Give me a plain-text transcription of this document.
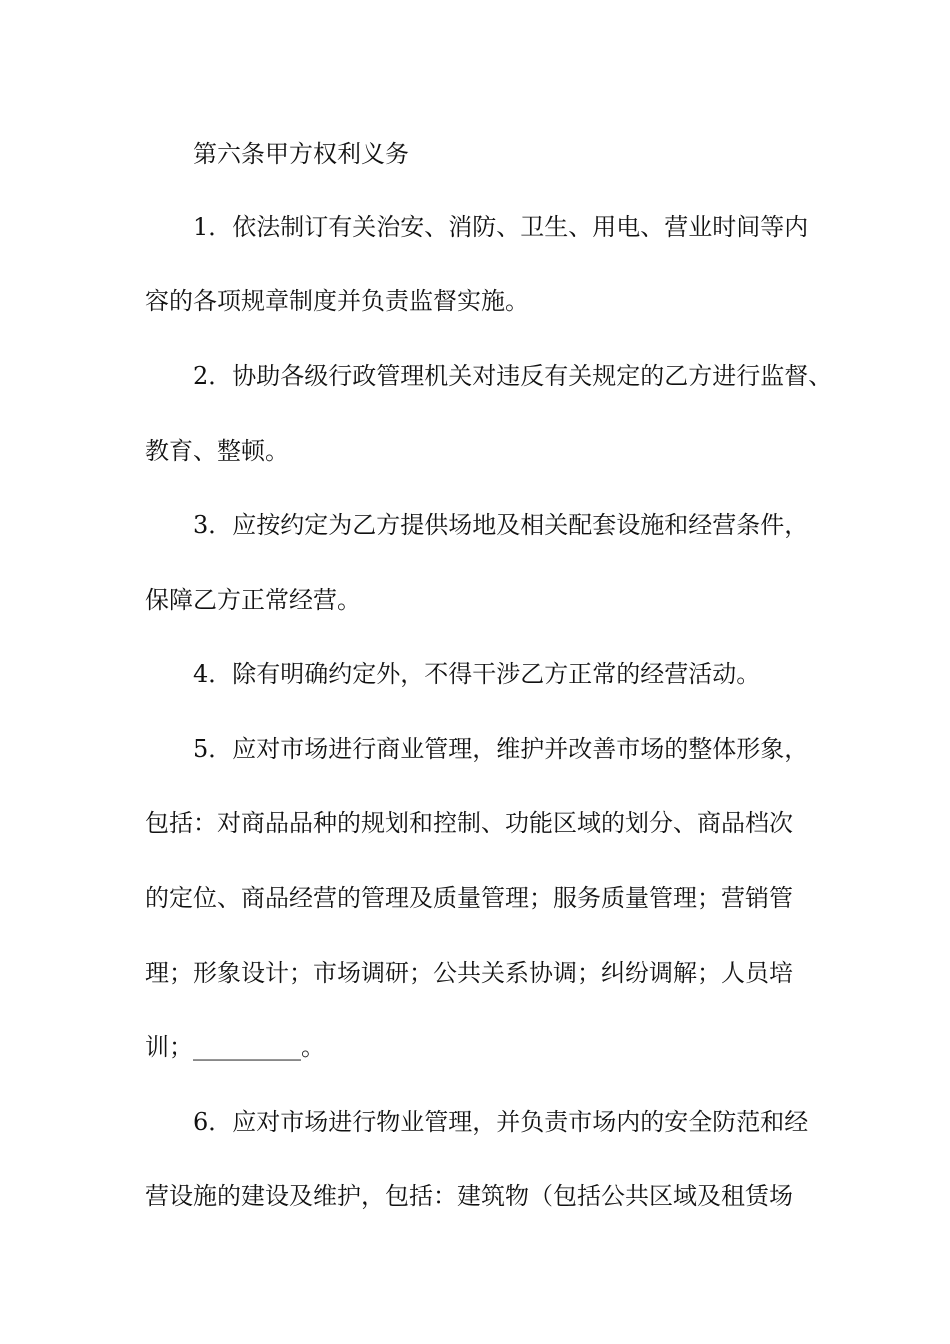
第六条甲方权利义务
1．依法制订有关治安、消防、卫生、用电、营业时间等内
容的各项规章制度并负责监督实施。
2．协助各级行政管理机关对违反有关规定的乙方进行监督、
教育、整顿。
3．应按约定为乙方提供场地及相关配套设施和经营条件，
保障乙方正常经营。
4．除有明确约定外，不得干涉乙方正常的经营活动。
5．应对市场进行商业管理，维护并改善市场的整体形象，
包括：对商品品种的规划和控制、功能区域的划分、商品档次
的定位、商品经营的管理及质量管理；服务质量管理；营销管
理；形象设计；市场调研；公共关系协调；纠纷调解；人员培
训；_________。
6．应对市场进行物业管理，并负责市场内的安全防范和经
营设施的建设及维护，包括：建筑物（包括公共区域及租赁场
